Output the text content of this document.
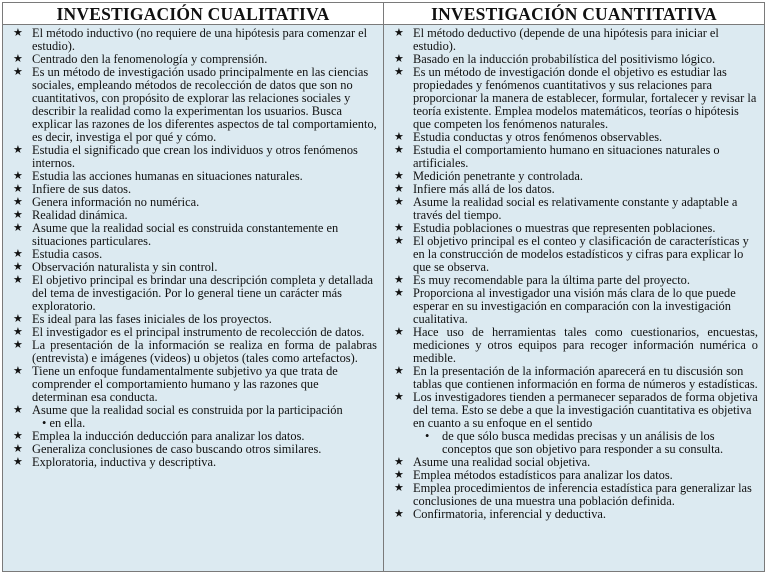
INVESTIGACIÓN CUALITATIVA	INVESTIGACIÓN CUANTITATIVA
★ El método inductivo (no requiere de una hipótesis para comenzar el estudio).
★ Centrado den la fenomenología y comprensión.
★ Es un método de investigación usado principalmente en las ciencias sociales, empleando métodos de recolección de datos que son no cuantitativos, con propósito de explorar las relaciones sociales y describir la realidad como la experimentan los usuarios. Busca explicar las razones de los diferentes aspectos de tal comportamiento, es decir, investiga el por qué y cómo.
★ Estudia el significado que crean los individuos y otros fenómenos internos.
★ Estudia las acciones humanas en situaciones naturales.
★ Infiere de sus datos.
★ Genera información no numérica.
★ Realidad dinámica.
★ Asume que la realidad social es construida constantemente en situaciones particulares.
★ Estudia casos.
★ Observación naturalista y sin control.
★ El objetivo principal es brindar una descripción completa y detallada del tema de investigación. Por lo general tiene un carácter más exploratorio.
★ Es ideal para las fases iniciales de los proyectos.
★ El investigador es el principal instrumento de recolección de datos.
★ La presentación de la información se realiza en forma de palabras (entrevista) e imágenes (videos) u objetos (tales como artefactos).
★ Tiene un enfoque fundamentalmente subjetivo ya que trata de comprender el comportamiento humano y las razones que determinan esa conducta.
★ Asume que la realidad social es construida por la participación
• en ella.
★ Emplea la inducción deducción para analizar los datos.
★ Generaliza conclusiones de caso buscando otros similares.
★ Exploratoria, inductiva y descriptiva.
★ El método deductivo (depende de una hipótesis para iniciar el estudio).
★ Basado en la inducción probabilística del positivismo lógico.
★ Es un método de investigación donde el objetivo es estudiar las propiedades y fenómenos cuantitativos y sus relaciones para proporcionar la manera de establecer, formular, fortalecer y revisar la teoría existente. Emplea modelos matemáticos, teorías o hipótesis que competen los fenómenos naturales.
★ Estudia conductas y otros fenómenos observables.
★ Estudia el comportamiento humano en situaciones naturales o artificiales.
★ Medición penetrante y controlada.
★ Infiere más allá de los datos.
★ Asume la realidad social es relativamente constante y adaptable a través del tiempo.
★ Estudia poblaciones o muestras que representen poblaciones.
★ El objetivo principal es el conteo y clasificación de características y en la construcción de modelos estadísticos y cifras para explicar lo que se observa.
★ Es muy recomendable para la última parte del proyecto.
★ Proporciona al investigador una visión más clara de lo que puede esperar en su investigación en comparación con la investigación cualitativa.
★ Hace uso de herramientas tales como cuestionarios, encuestas, mediciones y otros equipos para recoger información numérica o medible.
★ En la presentación de la información aparecerá en tu discusión son tablas que contienen información en forma de números y estadísticas.
★ Los investigadores tienden a permanecer separados de forma objetiva del tema. Esto se debe a que la investigación cuantitativa es objetiva en cuanto a su enfoque en el sentido
• de que sólo busca medidas precisas y un análisis de los conceptos que son objetivo para responder a su consulta.
★ Asume una realidad social objetiva.
★ Emplea métodos estadísticos para analizar los datos.
★ Emplea procedimientos de inferencia estadística para generalizar las conclusiones de una muestra una población definida.
★ Confirmatoria, inferencial y deductiva.
